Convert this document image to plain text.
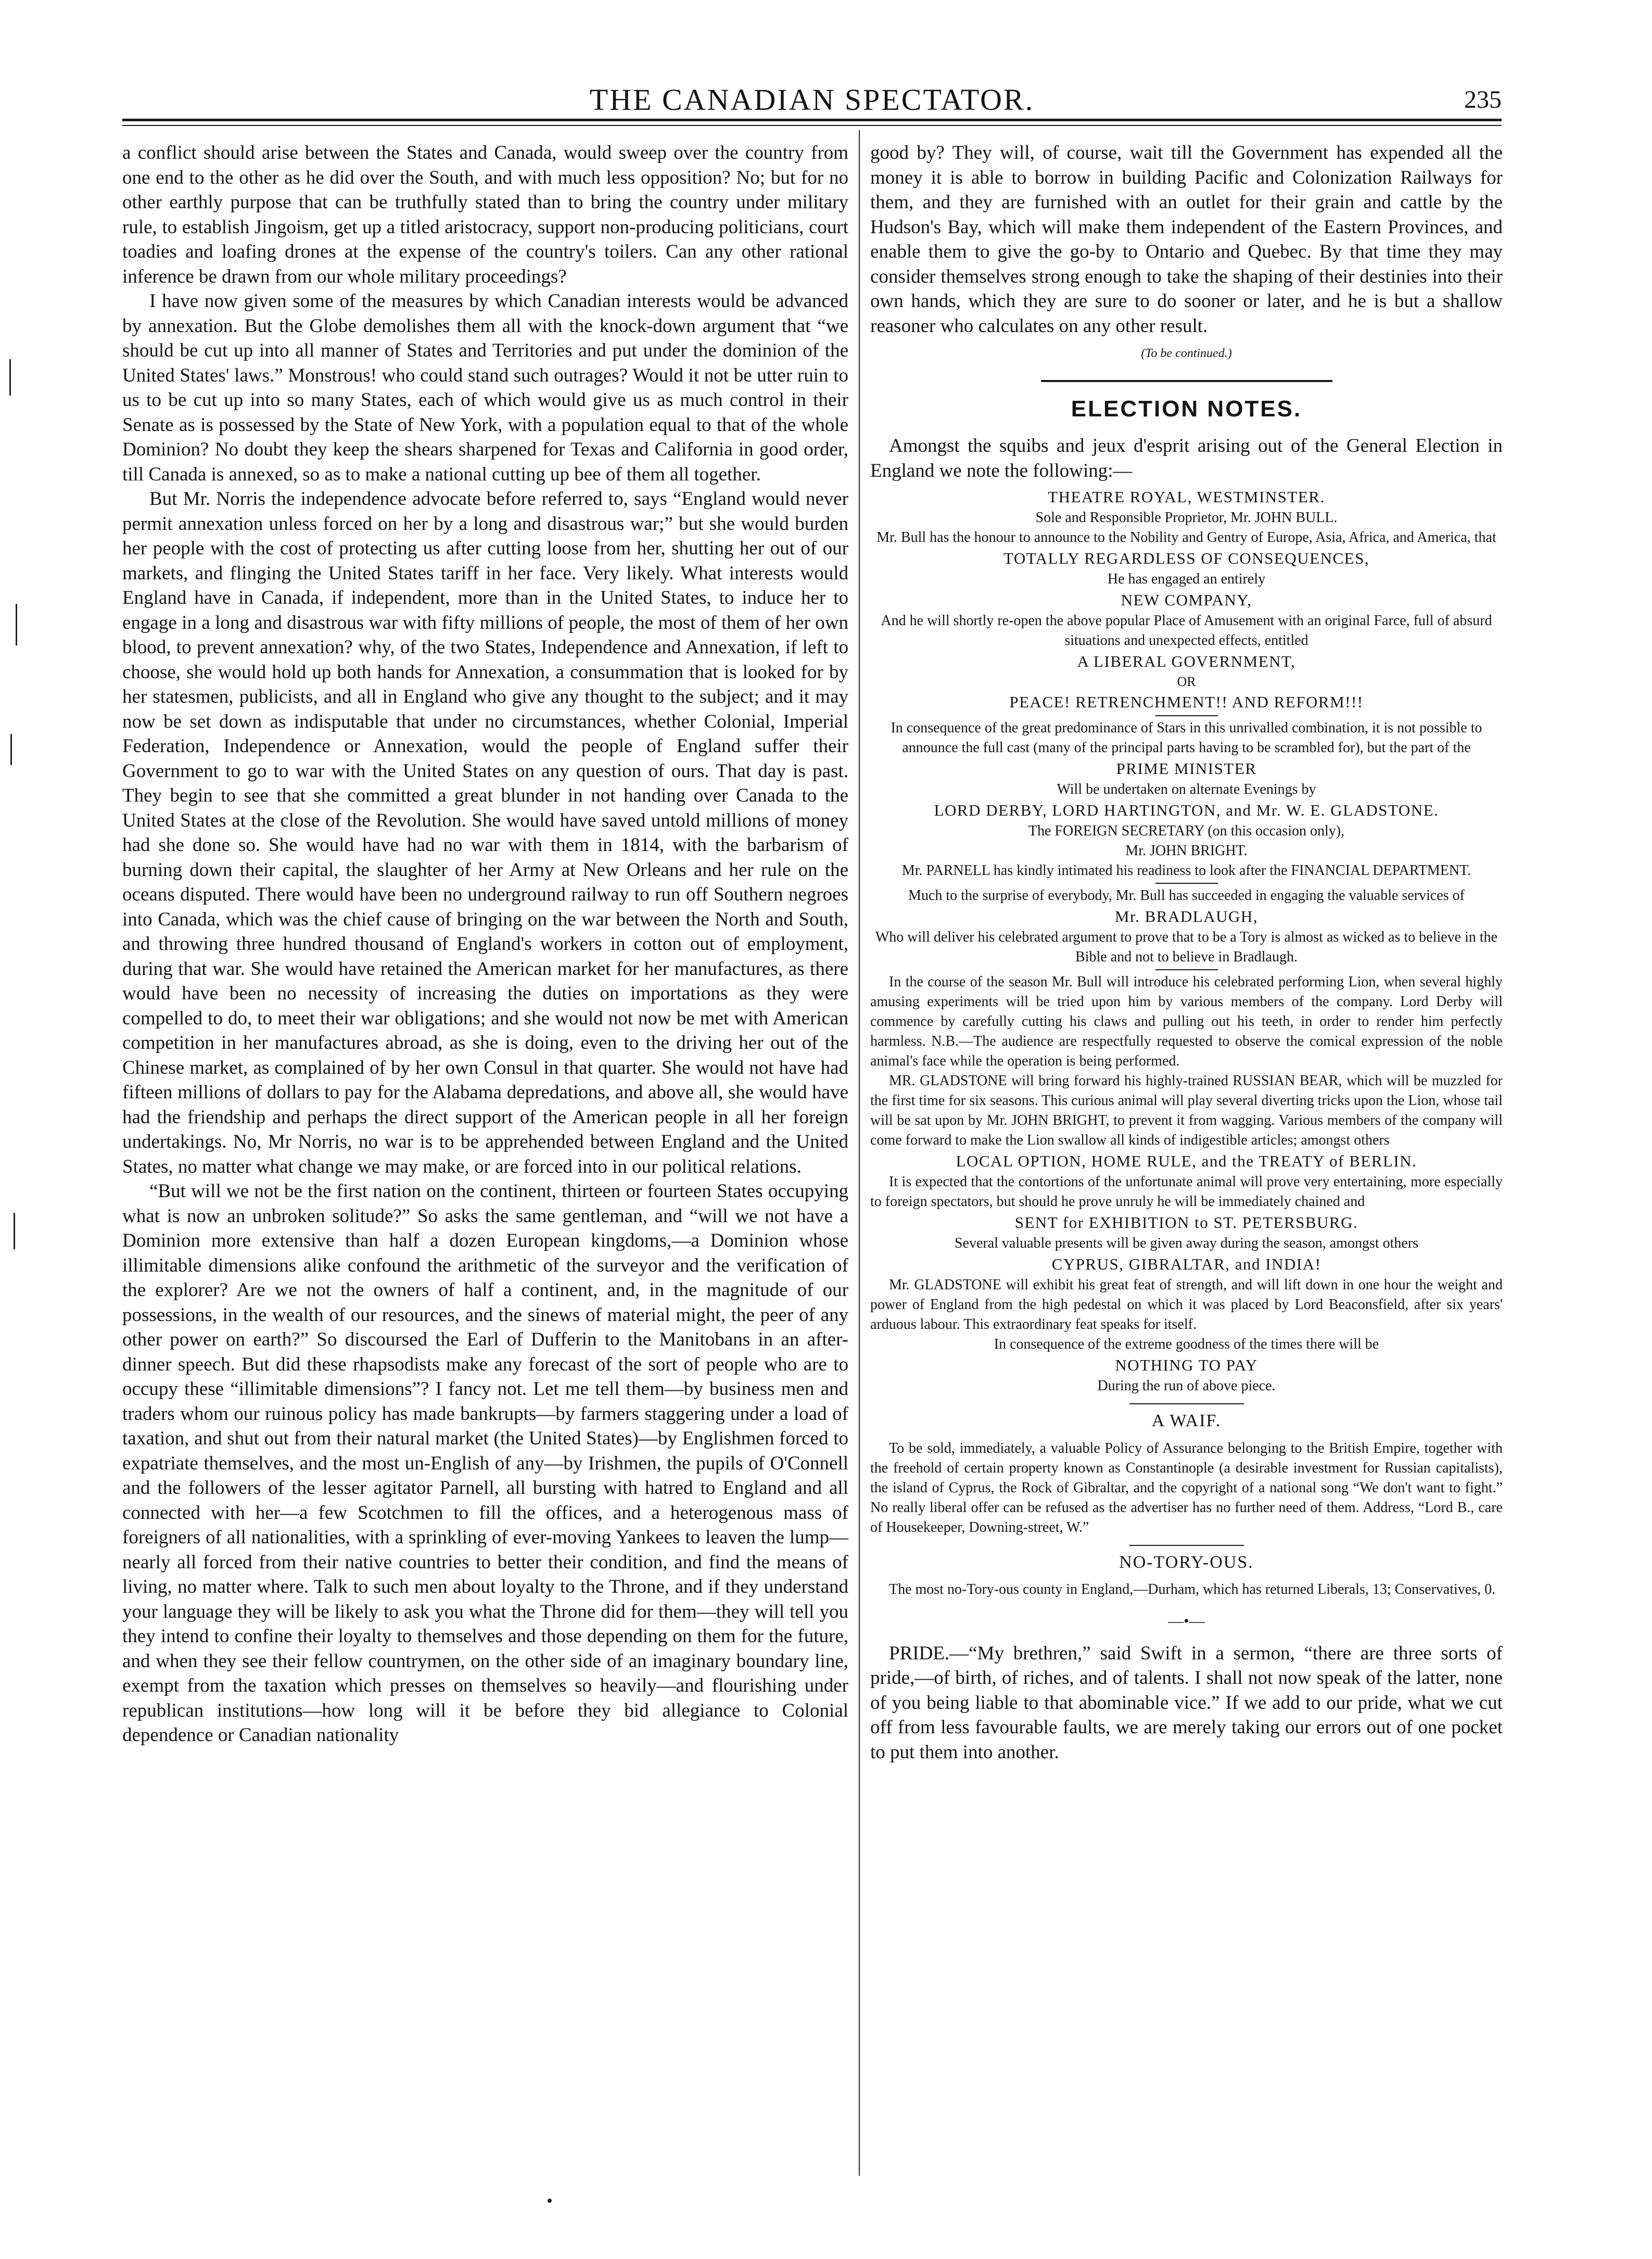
THE CANADIAN SPECTATOR.	235

a conflict should arise between the States and Canada, would sweep over the country from one end to the other as he did over the South, and with much less opposition? No; but for no other earthly purpose that can be truthfully stated than to bring the country under military rule, to establish Jingoism, get up a titled aristocracy, support non-producing politicians, court toadies and loafing drones at the expense of the country's toilers. Can any other rational inference be drawn from our whole military proceedings?

I have now given some of the measures by which Canadian interests would be advanced by annexation. But the Globe demolishes them all with the knock-down argument that “we should be cut up into all manner of States and Territories and put under the dominion of the United States' laws.” Monstrous! who could stand such outrages? Would it not be utter ruin to us to be cut up into so many States, each of which would give us as much control in their Senate as is possessed by the State of New York, with a population equal to that of the whole Dominion? No doubt they keep the shears sharpened for Texas and California in good order, till Canada is annexed, so as to make a national cutting up bee of them all together.

But Mr. Norris the independence advocate before referred to, says “England would never permit annexation unless forced on her by a long and disastrous war;” but she would burden her people with the cost of protecting us after cutting loose from her, shutting her out of our markets, and flinging the United States tariff in her face. Very likely. What interests would England have in Canada, if independent, more than in the United States, to induce her to engage in a long and disastrous war with fifty millions of people, the most of them of her own blood, to prevent annexation? why, of the two States, Independence and Annexation, if left to choose, she would hold up both hands for Annexation, a consummation that is looked for by her statesmen, publicists, and all in England who give any thought to the subject; and it may now be set down as indisputable that under no circumstances, whether Colonial, Imperial Federation, Independence or Annexation, would the people of England suffer their Government to go to war with the United States on any question of ours. That day is past. They begin to see that she committed a great blunder in not handing over Canada to the United States at the close of the Revolution. She would have saved untold millions of money had she done so. She would have had no war with them in 1814, with the barbarism of burning down their capital, the slaughter of her Army at New Orleans and her rule on the oceans disputed. There would have been no underground railway to run off Southern negroes into Canada, which was the chief cause of bringing on the war between the North and South, and throwing three hundred thousand of England's workers in cotton out of employment, during that war. She would have retained the American market for her manufactures, as there would have been no necessity of increasing the duties on importations as they were compelled to do, to meet their war obligations; and she would not now be met with American competition in her manufactures abroad, as she is doing, even to the driving her out of the Chinese market, as complained of by her own Consul in that quarter. She would not have had fifteen millions of dollars to pay for the Alabama depredations, and above all, she would have had the friendship and perhaps the direct support of the American people in all her foreign undertakings. No, Mr Norris, no war is to be apprehended between England and the United States, no matter what change we may make, or are forced into in our political relations.

“But will we not be the first nation on the continent, thirteen or fourteen States occupying what is now an unbroken solitude?” So asks the same gentleman, and “will we not have a Dominion more extensive than half a dozen European kingdoms,—a Dominion whose illimitable dimensions alike confound the arithmetic of the surveyor and the verification of the explorer? Are we not the owners of half a continent, and, in the magnitude of our possessions, in the wealth of our resources, and the sinews of material might, the peer of any other power on earth?” So discoursed the Earl of Dufferin to the Manitobans in an after-dinner speech. But did these rhapsodists make any forecast of the sort of people who are to occupy these “illimitable dimensions”? I fancy not. Let me tell them—by business men and traders whom our ruinous policy has made bankrupts—by farmers staggering under a load of taxation, and shut out from their natural market (the United States)—by Englishmen forced to expatriate themselves, and the most un-English of any—by Irishmen, the pupils of O'Connell and the followers of the lesser agitator Parnell, all bursting with hatred to England and all connected with her—a few Scotchmen to fill the offices, and a heterogenous mass of foreigners of all nationalities, with a sprinkling of ever-moving Yankees to leaven the lump—nearly all forced from their native countries to better their condition, and find the means of living, no matter where. Talk to such men about loyalty to the Throne, and if they understand your language they will be likely to ask you what the Throne did for them—they will tell you they intend to confine their loyalty to themselves and those depending on them for the future, and when they see their fellow countrymen, on the other side of an imaginary boundary line, exempt from the taxation which presses on themselves so heavily—and flourishing under republican institutions—how long will it be before they bid allegiance to Colonial dependence or Canadian nationality

good by? They will, of course, wait till the Government has expended all the money it is able to borrow in building Pacific and Colonization Railways for them, and they are furnished with an outlet for their grain and cattle by the Hudson's Bay, which will make them independent of the Eastern Provinces, and enable them to give the go-by to Ontario and Quebec. By that time they may consider themselves strong enough to take the shaping of their destinies into their own hands, which they are sure to do sooner or later, and he is but a shallow reasoner who calculates on any other result.

(To be continued.)
ELECTION NOTES.

Amongst the squibs and jeux d'esprit arising out of the General Election in England we note the following:—

THEATRE ROYAL, WESTMINSTER.
Sole and Responsible Proprietor, Mr. JOHN BULL.
Mr. Bull has the honour to announce to the Nobility and Gentry of Europe, Asia, Africa, and America, that
TOTALLY REGARDLESS OF CONSEQUENCES,
He has engaged an entirely
NEW COMPANY,
And he will shortly re-open the above popular Place of Amusement with an original Farce, full of absurd situations and unexpected effects, entitled
A LIBERAL GOVERNMENT,
OR
PEACE! RETRENCHMENT!! AND REFORM!!!
In consequence of the great predominance of Stars in this unrivalled combination, it is not possible to announce the full cast (many of the principal parts having to be scrambled for), but the part of the
PRIME MINISTER
Will be undertaken on alternate Evenings by
LORD DERBY, LORD HARTINGTON, and Mr. W. E. GLADSTONE.
The FOREIGN SECRETARY (on this occasion only),
Mr. JOHN BRIGHT.
Mr. PARNELL has kindly intimated his readiness to look after the FINANCIAL DEPARTMENT.
Much to the surprise of everybody, Mr. Bull has succeeded in engaging the valuable services of
Mr. BRADLAUGH,
Who will deliver his celebrated argument to prove that to be a Tory is almost as wicked as to believe in the Bible and not to believe in Bradlaugh.

In the course of the season Mr. Bull will introduce his celebrated performing Lion, when several highly amusing experiments will be tried upon him by various members of the company. Lord Derby will commence by carefully cutting his claws and pulling out his teeth, in order to render him perfectly harmless. N.B.—The audience are respectfully requested to observe the comical expression of the noble animal's face while the operation is being performed.

MR. GLADSTONE will bring forward his highly-trained RUSSIAN BEAR, which will be muzzled for the first time for six seasons. This curious animal will play several diverting tricks upon the Lion, whose tail will be sat upon by Mr. JOHN BRIGHT, to prevent it from wagging. Various members of the company will come forward to make the Lion swallow all kinds of indigestible articles; amongst others

LOCAL OPTION, HOME RULE, and the TREATY of BERLIN.

It is expected that the contortions of the unfortunate animal will prove very entertaining, more especially to foreign spectators, but should he prove unruly he will be immediately chained and

SENT for EXHIBITION to ST. PETERSBURG.
Several valuable presents will be given away during the season, amongst others
CYPRUS, GIBRALTAR, and INDIA!

Mr. GLADSTONE will exhibit his great feat of strength, and will lift down in one hour the weight and power of England from the high pedestal on which it was placed by Lord Beaconsfield, after six years' arduous labour. This extraordinary feat speaks for itself.

In consequence of the extreme goodness of the times there will be
NOTHING TO PAY
During the run of above piece.
A WAIF.

To be sold, immediately, a valuable Policy of Assurance belonging to the British Empire, together with the freehold of certain property known as Constantinople (a desirable investment for Russian capitalists), the island of Cyprus, the Rock of Gibraltar, and the copyright of a national song “We don't want to fight.” No really liberal offer can be refused as the advertiser has no further need of them. Address, “Lord B., care of Housekeeper, Downing-street, W.”

NO-TORY-OUS.

The most no-Tory-ous county in England,—Durham, which has returned Liberals, 13; Conservatives, 0.

—•—

PRIDE.—“My brethren,” said Swift in a sermon, “there are three sorts of pride,—of birth, of riches, and of talents. I shall not now speak of the latter, none of you being liable to that abominable vice.” If we add to our pride, what we cut off from less favourable faults, we are merely taking our errors out of one pocket to put them into another.

•
